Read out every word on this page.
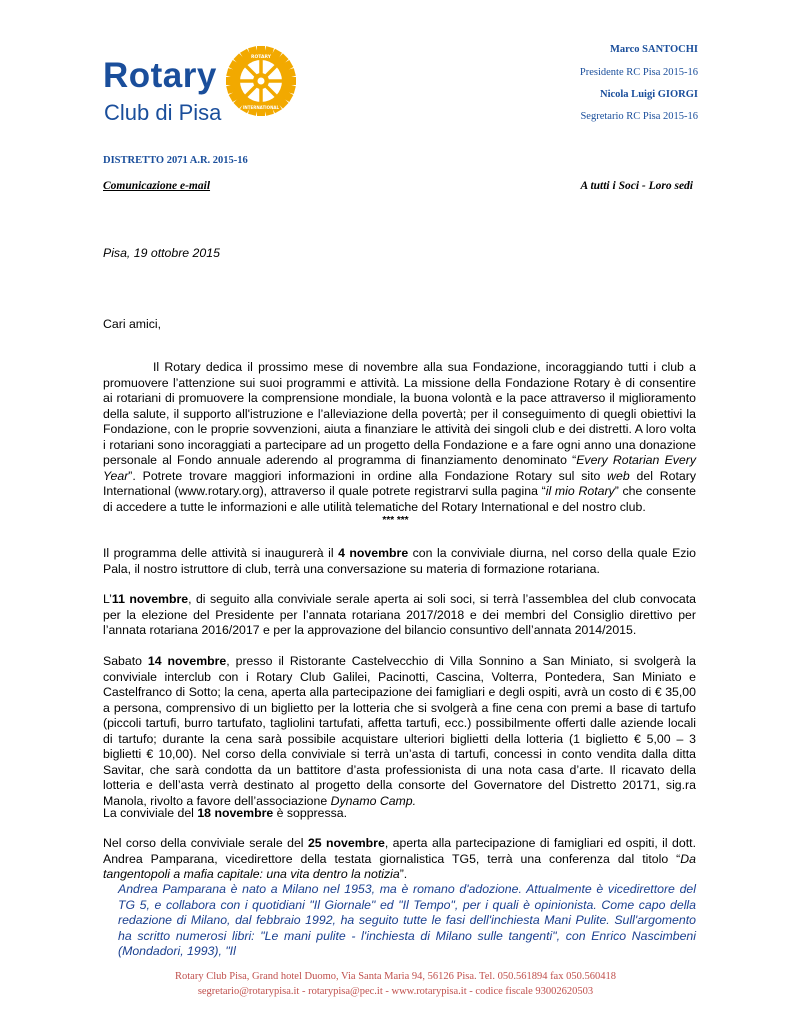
Rotary
Club di Pisa
ROTARY
INTERNATIONAL
Marco SANTOCHI
Presidente RC Pisa 2015-16
Nicola Luigi GIORGI
Segretario RC Pisa 2015-16
DISTRETTO 2071 A.R. 2015-16
Comunicazione e-mail	A tutti i Soci - Loro sedi
Pisa, 19 ottobre 2015
Cari amici,
Il Rotary dedica il prossimo mese di novembre alla sua Fondazione, incoraggiando tutti i club a promuovere l’attenzione sui suoi programmi e attività. La missione della Fondazione Rotary è di consentire ai rotariani di promuovere la comprensione mondiale, la buona volontà e la pace attraverso il miglioramento della salute, il supporto all'istruzione e l’alleviazione della povertà; per il conseguimento di quegli obiettivi la Fondazione, con le proprie sovvenzioni, aiuta a finanziare le attività dei singoli club e dei distretti. A loro volta i rotariani sono incoraggiati a partecipare ad un progetto della Fondazione e a fare ogni anno una donazione personale al Fondo annuale aderendo al programma di finanziamento denominato “Every Rotarian Every Year”. Potrete trovare maggiori informazioni in ordine alla Fondazione Rotary sul sito web del Rotary International (www.rotary.org), attraverso il quale potrete registrarvi sulla pagina “il mio Rotary” che consente di accedere a tutte le informazioni e alle utilità telematiche del Rotary International e del nostro club.
*** ***
Il programma delle attività si inaugurerà il 4 novembre con la conviviale diurna, nel corso della quale Ezio Pala, il nostro istruttore di club, terrà una conversazione su materia di formazione rotariana.
L’11 novembre, di seguito alla conviviale serale aperta ai soli soci, si terrà l’assemblea del club convocata per la elezione del Presidente per l’annata rotariana 2017/2018 e dei membri del Consiglio direttivo per l’annata rotariana 2016/2017 e per la approvazione del bilancio consuntivo dell’annata 2014/2015.
Sabato 14 novembre, presso il Ristorante Castelvecchio di Villa Sonnino a San Miniato, si svolgerà la conviviale interclub con i Rotary Club Galilei, Pacinotti, Cascina, Volterra, Pontedera, San Miniato e Castelfranco di Sotto; la cena, aperta alla partecipazione dei famigliari e degli ospiti, avrà un costo di € 35,00 a persona, comprensivo di un biglietto per la lotteria che si svolgerà a fine cena con premi a base di tartufo (piccoli tartufi, burro tartufato, tagliolini tartufati, affetta tartufi, ecc.) possibilmente offerti dalle aziende locali di tartufo; durante la cena sarà possibile acquistare ulteriori biglietti della lotteria (1 biglietto € 5,00 – 3 biglietti € 10,00). Nel corso della conviviale si terrà un’asta di tartufi, concessi in conto vendita dalla ditta Savitar, che sarà condotta da un battitore d’asta professionista di una nota casa d’arte. Il ricavato della lotteria e dell’asta verrà destinato al progetto della consorte del Governatore del Distretto 20171, sig.ra Manola, rivolto a favore dell’associazione Dynamo Camp.
La conviviale del 18 novembre è soppressa.
Nel corso della conviviale serale del 25 novembre, aperta alla partecipazione di famigliari ed ospiti, il dott. Andrea Pamparana, vicedirettore della testata giornalistica TG5, terrà una conferenza dal titolo “Da tangentopoli a mafia capitale: una vita dentro la notizia”.
Andrea Pamparana è nato a Milano nel 1953, ma è romano d'adozione. Attualmente è vicedirettore del TG 5, e collabora con i quotidiani "Il Giornale" ed "Il Tempo", per i quali è opinionista. Come capo della redazione di Milano, dal febbraio 1992, ha seguito tutte le fasi dell'inchiesta Mani Pulite. Sull'argomento ha scritto numerosi libri: "Le mani pulite - l'inchiesta di Milano sulle tangenti", con Enrico Nascimbeni (Mondadori, 1993), "Il
Rotary Club Pisa, Grand hotel Duomo, Via Santa Maria 94, 56126 Pisa. Tel. 050.561894 fax 050.560418
segretario@rotarypisa.it - rotarypisa@pec.it - www.rotarypisa.it - codice fiscale 93002620503
